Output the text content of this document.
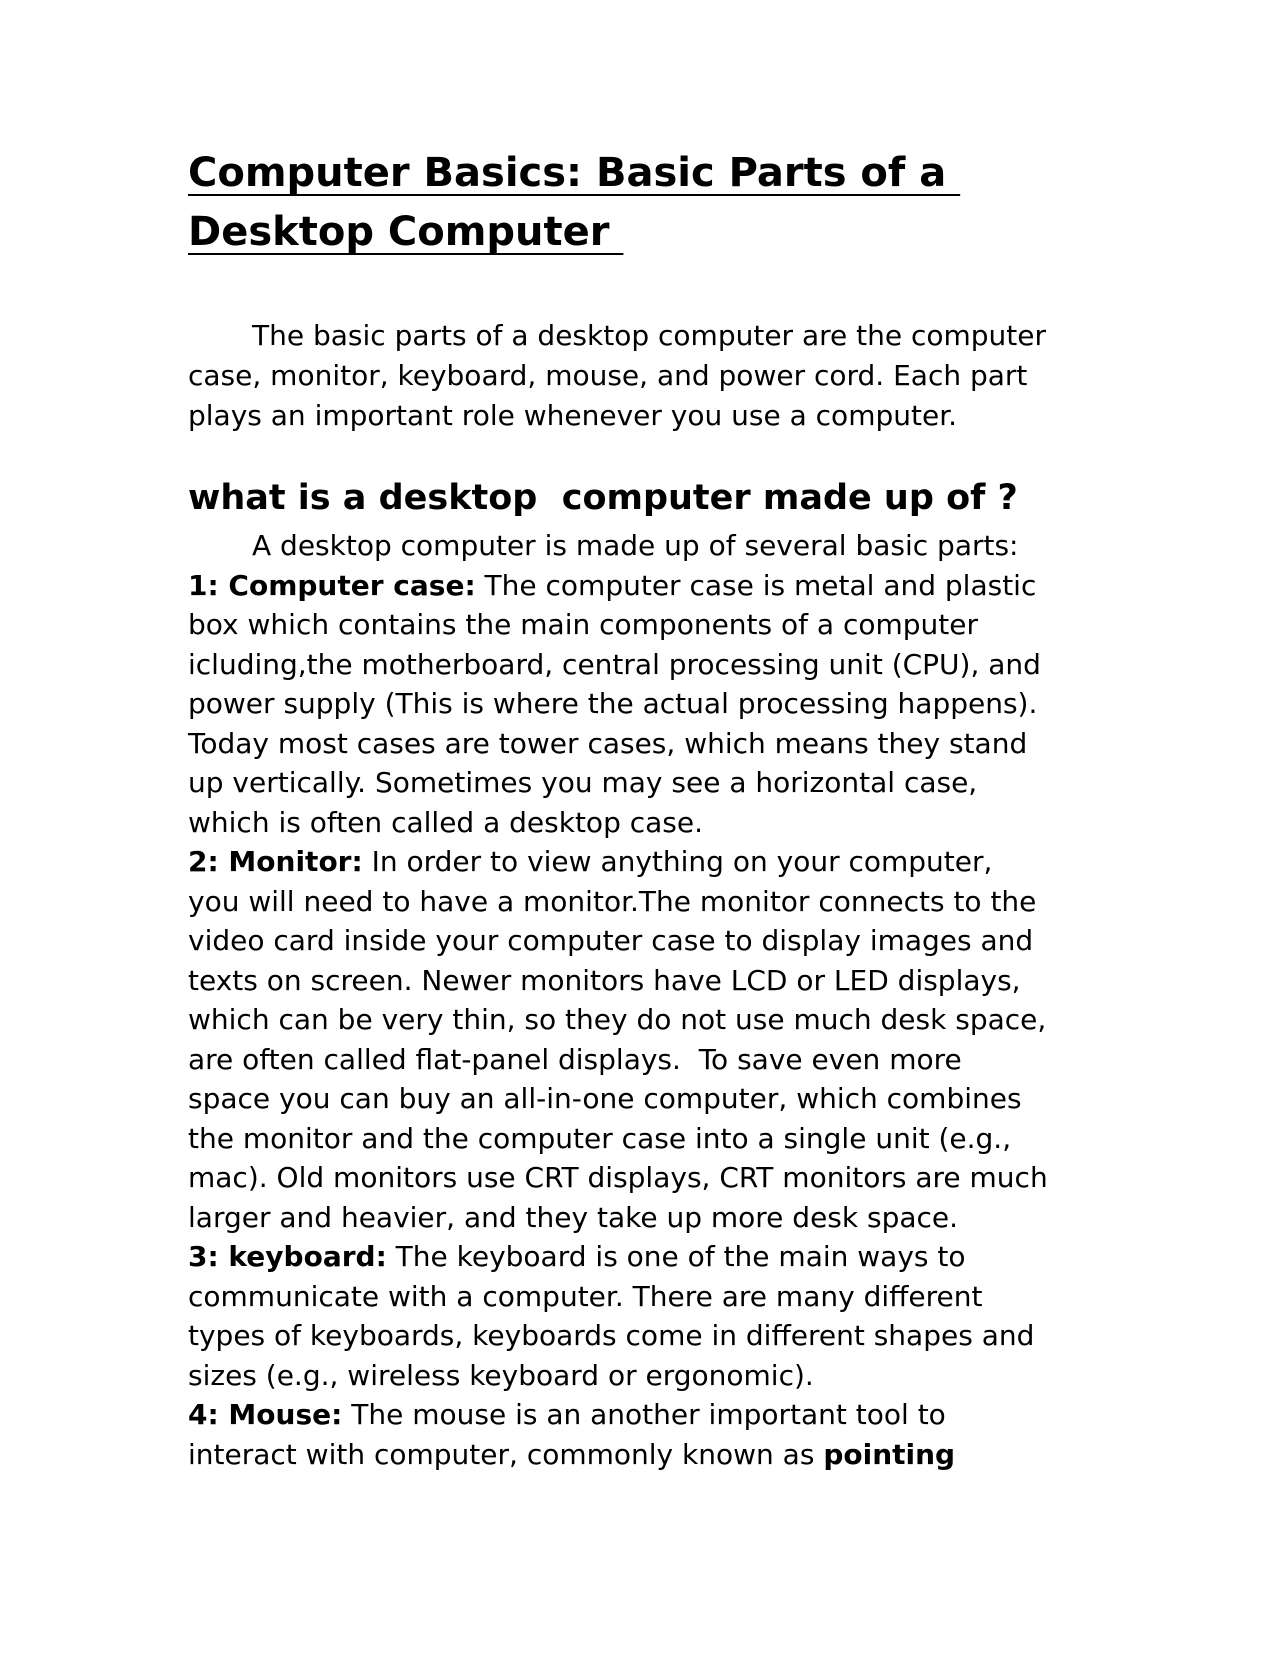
Computer Basics: Basic Parts of a
Desktop Computer

The basic parts of a desktop computer are the computer
case, monitor, keyboard, mouse, and power cord. Each part
plays an important role whenever you use a computer.

what is a desktop  computer made up of ?
A desktop computer is made up of several basic parts:
1: Computer case: The computer case is metal and plastic
box which contains the main components of a computer
icluding,the motherboard, central processing unit (CPU), and
power supply (This is where the actual processing happens).
Today most cases are tower cases, which means they stand
up vertically. Sometimes you may see a horizontal case,
which is often called a desktop case.
2: Monitor: In order to view anything on your computer,
you will need to have a monitor.The monitor connects to the
video card inside your computer case to display images and
texts on screen. Newer monitors have LCD or LED displays,
which can be very thin, so they do not use much desk space,
are often called flat-panel displays.  To save even more
space you can buy an all-in-one computer, which combines
the monitor and the computer case into a single unit (e.g.,
mac). Old monitors use CRT displays, CRT monitors are much
larger and heavier, and they take up more desk space.
3: keyboard: The keyboard is one of the main ways to
communicate with a computer. There are many different
types of keyboards, keyboards come in different shapes and
sizes (e.g., wireless keyboard or ergonomic).
4: Mouse: The mouse is an another important tool to
interact with computer, commonly known as pointing
